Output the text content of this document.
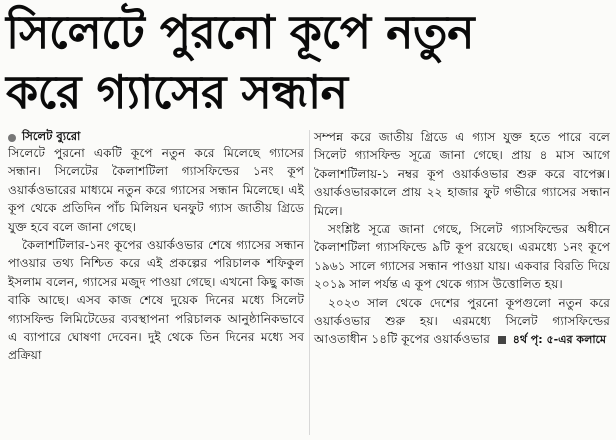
সিলেটে পুরনো কূপে নতুন
করে গ্যাসের সন্ধান
সিলেট ব্যুরো

সিলেটে পুরনো একটি কূপে নতুন করে মিলেছে গ্যাসের সন্ধান। সিলেটের কৈলাশটিলা গ্যাসফিল্ডের ১নং কূপ ওয়ার্কওভারের মাধ্যমে নতুন করে গ্যাসের সন্ধান মিলেছে। এই কূপ থেকে প্রতিদিন পাঁচ মিলিয়ন ঘনফুট গ্যাস জাতীয় গ্রিডে যুক্ত হবে বলে জানা গেছে।

কৈলাশটিলার-১নং কূপের ওয়ার্কওভার শেষে গ্যাসের সন্ধান পাওয়ার তথ্য নিশ্চিত করে এই প্রকল্পের পরিচালক শফিকুল ইসলাম বলেন, গ্যাসের মজুদ পাওয়া গেছে। এখনো কিছু কাজ বাকি আছে। এসব কাজ শেষে দুয়েক দিনের মধ্যে সিলেট গ্যাসফিল্ড লিমিটেডের ব্যবস্থাপনা পরিচালক আনুষ্ঠানিকভাবে এ ব্যাপারে ঘোষণা দেবেন। দুই থেকে তিন দিনের মধ্যে সব প্রক্রিয়া

সম্পন্ন করে জাতীয় গ্রিডে এ গ্যাস যুক্ত হতে পারে বলে সিলেট গ্যাসফিল্ড সূত্রে জানা গেছে। প্রায় ৪ মাস আগে কৈলাশটিলায়-১ নম্বর কূপ ওয়ার্কওভার শুরু করে বাপেক্স। ওয়ার্কওভারকালে প্রায় ২২ হাজার ফুট গভীরে গ্যাসের সন্ধান মিলে।

সংশ্লিষ্ট সূত্রে জানা গেছে, সিলেট গ্যাসফিল্ডের অধীনে কৈলাশটিলা গ্যাসফিল্ডে ৯টি কূপ রয়েছে। এরমধ্যে ১নং কূপে ১৯৬১ সালে গ্যাসের সন্ধান পাওয়া যায়। একবার বিরতি দিয়ে ২০১৯ সাল পর্যন্ত এ কূপ থেকে গ্যাস উত্তোলিত হয়।

২০২৩ সাল থেকে দেশের পুরনো কূপগুলো নতুন করে ওয়ার্কওভার শুরু হয়। এরমধ্যে সিলেট গ্যাসফিল্ডের আওতাধীন ১৪টি কূপের ওয়ার্কওভার ৪র্থ পৃ: ৫-এর কলামে
